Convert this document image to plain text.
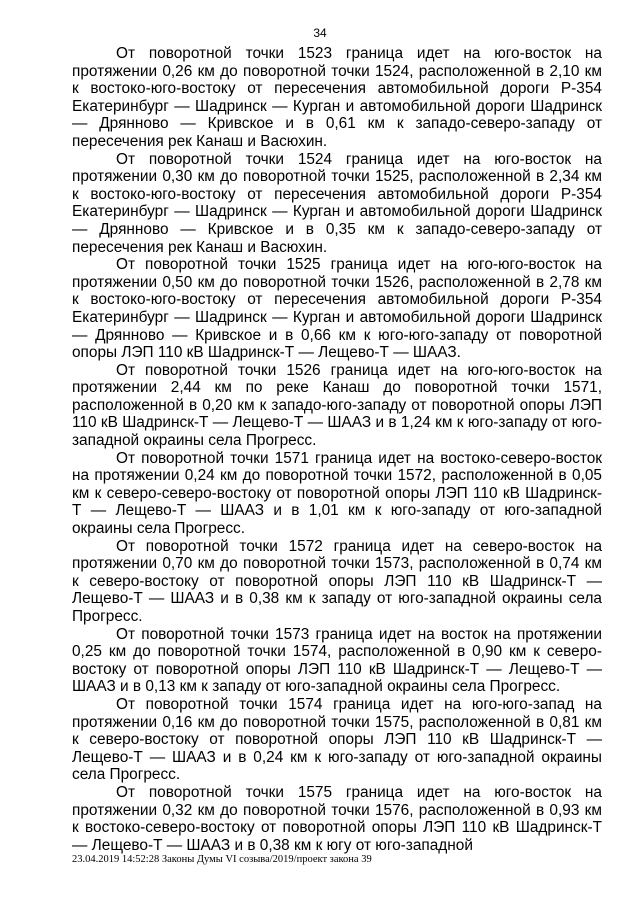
34

От поворотной точки 1523 граница идет на юго-восток на протяжении 0,26 км до поворотной точки 1524, расположенной в 2,10 км к востоко-юго-востоку от пересечения автомобильной дороги Р-354 Екатеринбург — Шадринск — Курган и автомобильной дороги Шадринск — Дрянново — Кривское и в 0,61 км к западо-северо-западу от пересечения рек Канаш и Васюхин.

От поворотной точки 1524 граница идет на юго-восток на протяжении 0,30 км до поворотной точки 1525, расположенной в 2,34 км к востоко-юго-востоку от пересечения автомобильной дороги Р-354 Екатеринбург — Шадринск — Курган и автомобильной дороги Шадринск — Дрянново — Кривское и в 0,35 км к западо-северо-западу от пересечения рек Канаш и Васюхин.

От поворотной точки 1525 граница идет на юго-юго-восток на протяжении 0,50 км до поворотной точки 1526, расположенной в 2,78 км к востоко-юго-востоку от пересечения автомобильной дороги Р-354 Екатеринбург — Шадринск — Курган и автомобильной дороги Шадринск — Дрянново — Кривское и в 0,66 км к юго-юго-западу от поворотной опоры ЛЭП 110 кВ Шадринск-Т — Лещево-Т — ШААЗ.

От поворотной точки 1526 граница идет на юго-юго-восток на протяжении 2,44 км по реке Канаш до поворотной точки 1571, расположенной в 0,20 км к западо-юго-западу от поворотной опоры ЛЭП 110 кВ Шадринск-Т — Лещево-Т — ШААЗ и в 1,24 км к юго-западу от юго-западной окраины села Прогресс.

От поворотной точки 1571 граница идет на востоко-северо-восток на протяжении 0,24 км до поворотной точки 1572, расположенной в 0,05 км к северо-северо-востоку от поворотной опоры ЛЭП 110 кВ Шадринск-Т — Лещево-Т — ШААЗ и в 1,01 км к юго-западу от юго-западной окраины села Прогресс.

От поворотной точки 1572 граница идет на северо-восток на протяжении 0,70 км до поворотной точки 1573, расположенной в 0,74 км к северо-востоку от поворотной опоры ЛЭП 110 кВ Шадринск-Т — Лещево-Т — ШААЗ и в 0,38 км к западу от юго-западной окраины села Прогресс.

От поворотной точки 1573 граница идет на восток на протяжении 0,25 км до поворотной точки 1574, расположенной в 0,90 км к северо-востоку от поворотной опоры ЛЭП 110 кВ Шадринск-Т — Лещево-Т — ШААЗ и в 0,13 км к западу от юго-западной окраины села Прогресс.

От поворотной точки 1574 граница идет на юго-юго-запад на протяжении 0,16 км до поворотной точки 1575, расположенной в 0,81 км к северо-востоку от поворотной опоры ЛЭП 110 кВ Шадринск-Т — Лещево-Т — ШААЗ и в 0,24 км к юго-западу от юго-западной окраины села Прогресс.

От поворотной точки 1575 граница идет на юго-восток на протяжении 0,32 км до поворотной точки 1576, расположенной в 0,93 км к востоко-северо-востоку от поворотной опоры ЛЭП 110 кВ Шадринск-Т — Лещево-Т — ШААЗ и в 0,38 км к югу от юго-западной

23.04.2019 14:52:28 Законы Думы VI созыва/2019/проект закона 39
